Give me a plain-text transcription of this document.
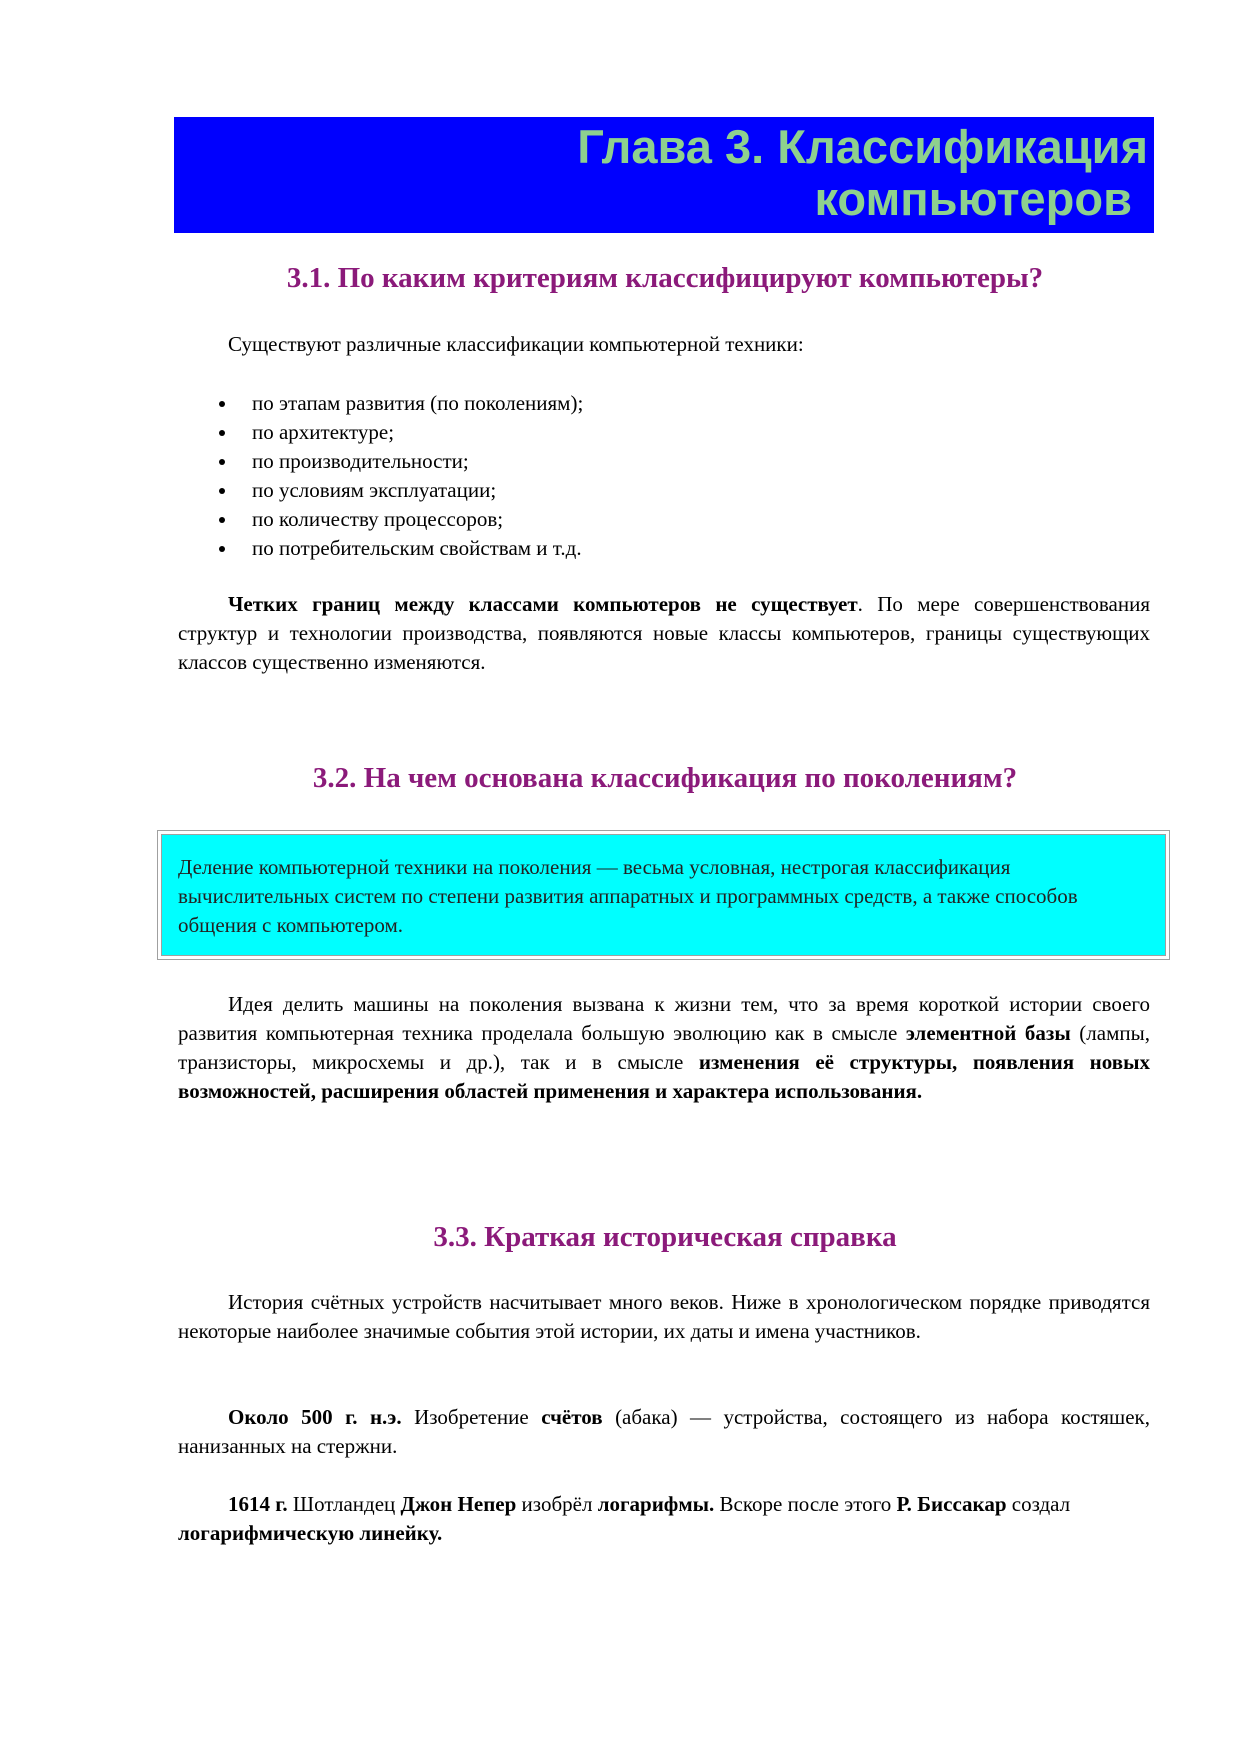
Глава 3. Классификация
компьютеров
3.1. По каким критериям классифицируют компьютеры?

Существуют различные классификации компьютерной техники:

по этапам развития (по поколениям);
по архитектуре;
по производительности;
по условиям эксплуатации;
по количеству процессоров;
по потребительским свойствам и т.д.

Четких границ между классами компьютеров не существует. По мере совершенствования структур и технологии производства, появляются новые классы компьютеров, границы существующих классов существенно изменяются.

3.2. На чем основана классификация по поколениям?
Деление компьютерной техники на поколения — весьма условная, нестрогая классификация вычислительных систем по степени развития аппаратных и программных средств, а также способов общения с компьютером.

Идея делить машины на поколения вызвана к жизни тем, что за время короткой истории своего развития компьютерная техника проделала большую эволюцию как в смысле элементной базы (лампы, транзисторы, микросхемы и др.), так и в смысле изменения её структуры, появления новых возможностей, расширения областей применения и характера использования.

3.3. Краткая историческая справка

История счётных устройств насчитывает много веков. Ниже в хронологическом порядке приводятся некоторые наиболее значимые события этой истории, их даты и имена участников.

Около 500 г. н.э. Изобретение счётов (абака) — устройства, состоящего из набора костяшек, нанизанных на стержни.

1614 г. Шотландец Джон Непер изобрёл логарифмы. Вскоре после этого Р. Биссакар создал логарифмическую линейку.
